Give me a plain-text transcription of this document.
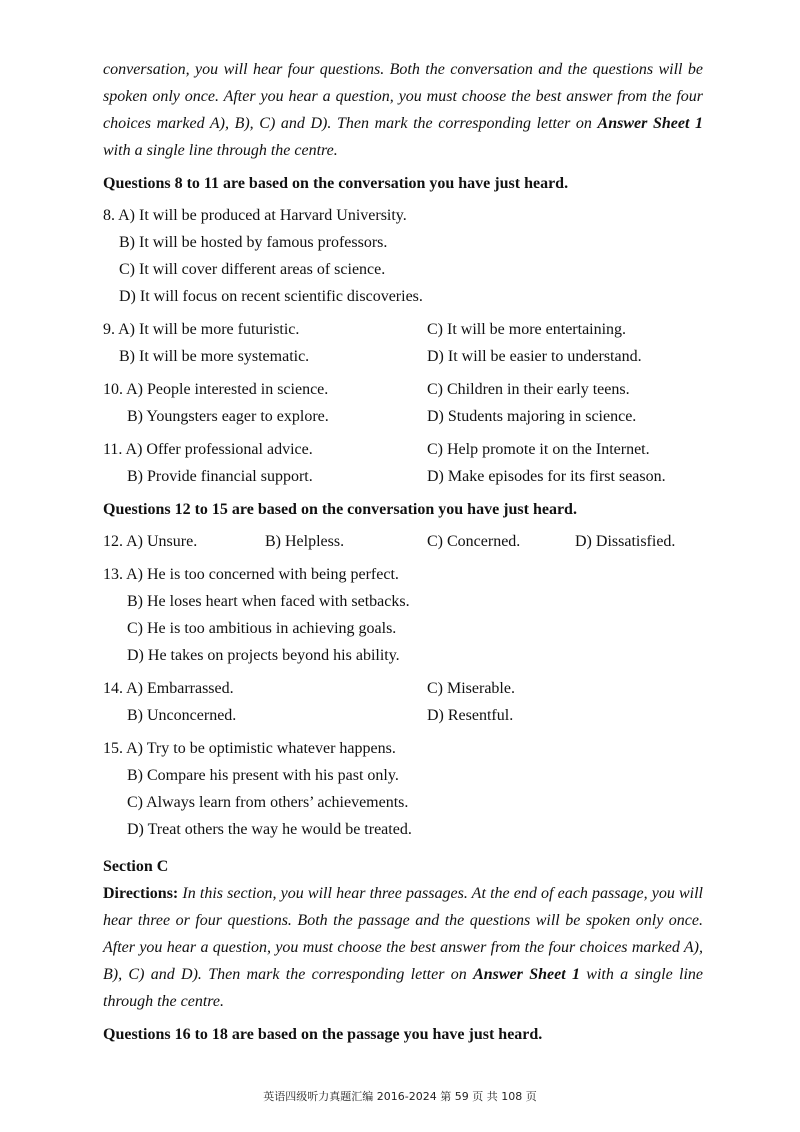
conversation, you will hear four questions. Both the conversation and the questions will be spoken only once. After you hear a question, you must choose the best answer from the four choices marked A), B), C) and D). Then mark the corresponding letter on Answer Sheet 1 with a single line through the centre.
Questions 8 to 11 are based on the conversation you have just heard.
8. A) It will be produced at Harvard University.
B) It will be hosted by famous professors.
C) It will cover different areas of science.
D) It will focus on recent scientific discoveries.
9. A) It will be more futuristic.	C) It will be more entertaining.
B) It will be more systematic.	D) It will be easier to understand.
10. A) People interested in science.	C) Children in their early teens.
B) Youngsters eager to explore.	D) Students majoring in science.
11. A) Offer professional advice.	C) Help promote it on the Internet.
B) Provide financial support.	D) Make episodes for its first season.
Questions 12 to 15 are based on the conversation you have just heard.
12. A) Unsure.	B) Helpless.	C) Concerned.	D) Dissatisfied.
13. A) He is too concerned with being perfect.
B) He loses heart when faced with setbacks.
C) He is too ambitious in achieving goals.
D) He takes on projects beyond his ability.
14. A) Embarrassed.	C) Miserable.
B) Unconcerned.	D) Resentful.
15. A) Try to be optimistic whatever happens.
B) Compare his present with his past only.
C) Always learn from others’ achievements.
D) Treat others the way he would be treated.
Section C
Directions: In this section, you will hear three passages. At the end of each passage, you will hear three or four questions. Both the passage and the questions will be spoken only once. After you hear a question, you must choose the best answer from the four choices marked A), B), C) and D). Then mark the corresponding letter on Answer Sheet 1 with a single line through the centre.
Questions 16 to 18 are based on the passage you have just heard.
英语四级听力真题汇编 2016-2024 第 59 页 共 108 页
